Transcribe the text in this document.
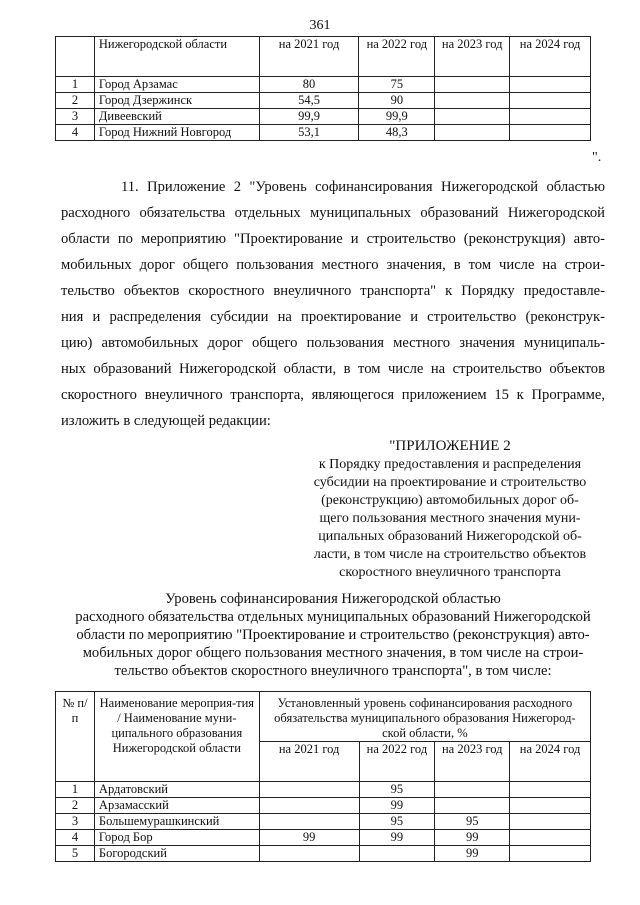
361
	Нижегородской области	на 2021 год	на 2022 год	на 2023 год	на 2024 год
1	Город Арзамас	80	75		
2	Город Дзержинск	54,5	90		
3	Дивеевский	99,9	99,9		
4	Город Нижний Новгород	53,1	48,3		
".

11. Приложение 2 "Уровень софинансирования Нижегородской областью

расходного обязательства отдельных муниципальных образований Нижегородской

области по мероприятию "Проектирование и строительство (реконструкция) авто-

мобильных дорог общего пользования местного значения, в том числе на строи-

тельство объектов скоростного внеуличного транспорта" к Порядку предоставле-

ния и распределения субсидии на проектирование и строительство (реконструк-

цию) автомобильных дорог общего пользования местного значения муниципаль-

ных образований Нижегородской области, в том числе на строительство объектов

скоростного внеуличного транспорта, являющегося приложением 15 к Программе,

изложить в следующей редакции:

"ПРИЛОЖЕНИЕ 2
к Порядку предоставления и распределения
субсидии на проектирование и строительство
(реконструкцию) автомобильных дорог об-
щего пользования местного значения муни-
ципальных образований Нижегородской об-
ласти, в том числе на строительство объектов
скоростного внеуличного транспорта

Уровень софинансирования Нижегородской областью

расходного обязательства отдельных муниципальных образований Нижегородской

области по мероприятию "Проектирование и строительство (реконструкция) авто-

мобильных дорог общего пользования местного значения, в том числе на строи-

тельство объектов скоростного внеуличного транспорта", в том числе:

№ п/п	Наименование мероприя-тия / Наименование муни-ципального образования Нижегородской области	Установленный уровень софинансирования расходного обязательства муниципального образования Нижегород-ской области, %			
		на 2021 год	на 2022 год	на 2023 год	на 2024 год
1	Ардатовский		95		
2	Арзамасский		99		
3	Большемурашкинский		95	95	
4	Город Бор	99	99	99	
5	Богородский			99	
